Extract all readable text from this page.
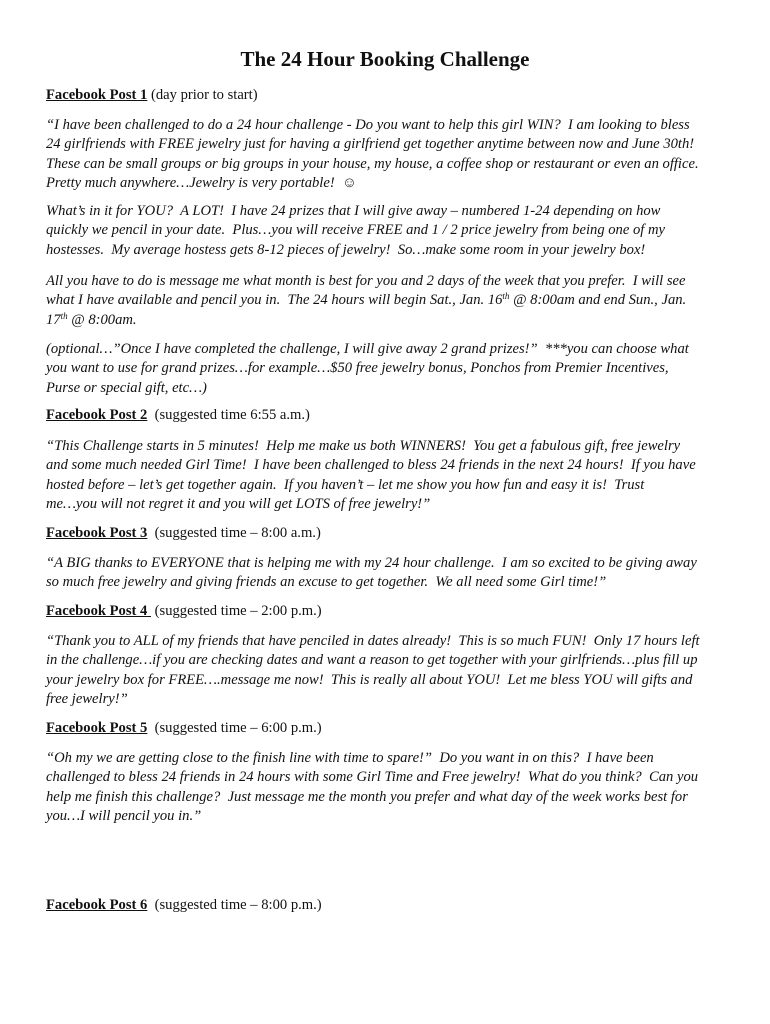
The 24 Hour Booking Challenge
Facebook Post 1 (day prior to start)
“I have been challenged to do a 24 hour challenge - Do you want to help this girl WIN?  I am looking to bless
24 girlfriends with FREE jewelry just for having a girlfriend get together anytime between now and June 30th!
These can be small groups or big groups in your house, my house, a coffee shop or restaurant or even an office.
Pretty much anywhere…Jewelry is very portable!  ☺
What’s in it for YOU?  A LOT!  I have 24 prizes that I will give away – numbered 1-24 depending on how
quickly we pencil in your date.  Plus…you will receive FREE and 1 / 2 price jewelry from being one of my
hostesses.  My average hostess gets 8-12 pieces of jewelry!  So…make some room in your jewelry box!
All you have to do is message me what month is best for you and 2 days of the week that you prefer.  I will see
what I have available and pencil you in.  The 24 hours will begin Sat., Jan. 16th @ 8:00am and end Sun., Jan.
17th @ 8:00am.
(optional…”Once I have completed the challenge, I will give away 2 grand prizes!”  ***you can choose what
you want to use for grand prizes…for example…$50 free jewelry bonus, Ponchos from Premier Incentives,
Purse or special gift, etc…)
Facebook Post 2  (suggested time 6:55 a.m.)
“This Challenge starts in 5 minutes!  Help me make us both WINNERS!  You get a fabulous gift, free jewelry
and some much needed Girl Time!  I have been challenged to bless 24 friends in the next 24 hours!  If you have
hosted before – let’s get together again.  If you haven’t – let me show you how fun and easy it is!  Trust
me…you will not regret it and you will get LOTS of free jewelry!”
Facebook Post 3  (suggested time – 8:00 a.m.)
“A BIG thanks to EVERYONE that is helping me with my 24 hour challenge.  I am so excited to be giving away
so much free jewelry and giving friends an excuse to get together.  We all need some Girl time!”
Facebook Post 4  (suggested time – 2:00 p.m.)
“Thank you to ALL of my friends that have penciled in dates already!  This is so much FUN!  Only 17 hours left
in the challenge…if you are checking dates and want a reason to get together with your girlfriends…plus fill up
your jewelry box for FREE….message me now!  This is really all about YOU!  Let me bless YOU will gifts and
free jewelry!”
Facebook Post 5  (suggested time – 6:00 p.m.)
“Oh my we are getting close to the finish line with time to spare!”  Do you want in on this?  I have been
challenged to bless 24 friends in 24 hours with some Girl Time and Free jewelry!  What do you think?  Can you
help me finish this challenge?  Just message me the month you prefer and what day of the week works best for
you…I will pencil you in.”
Facebook Post 6  (suggested time – 8:00 p.m.)
